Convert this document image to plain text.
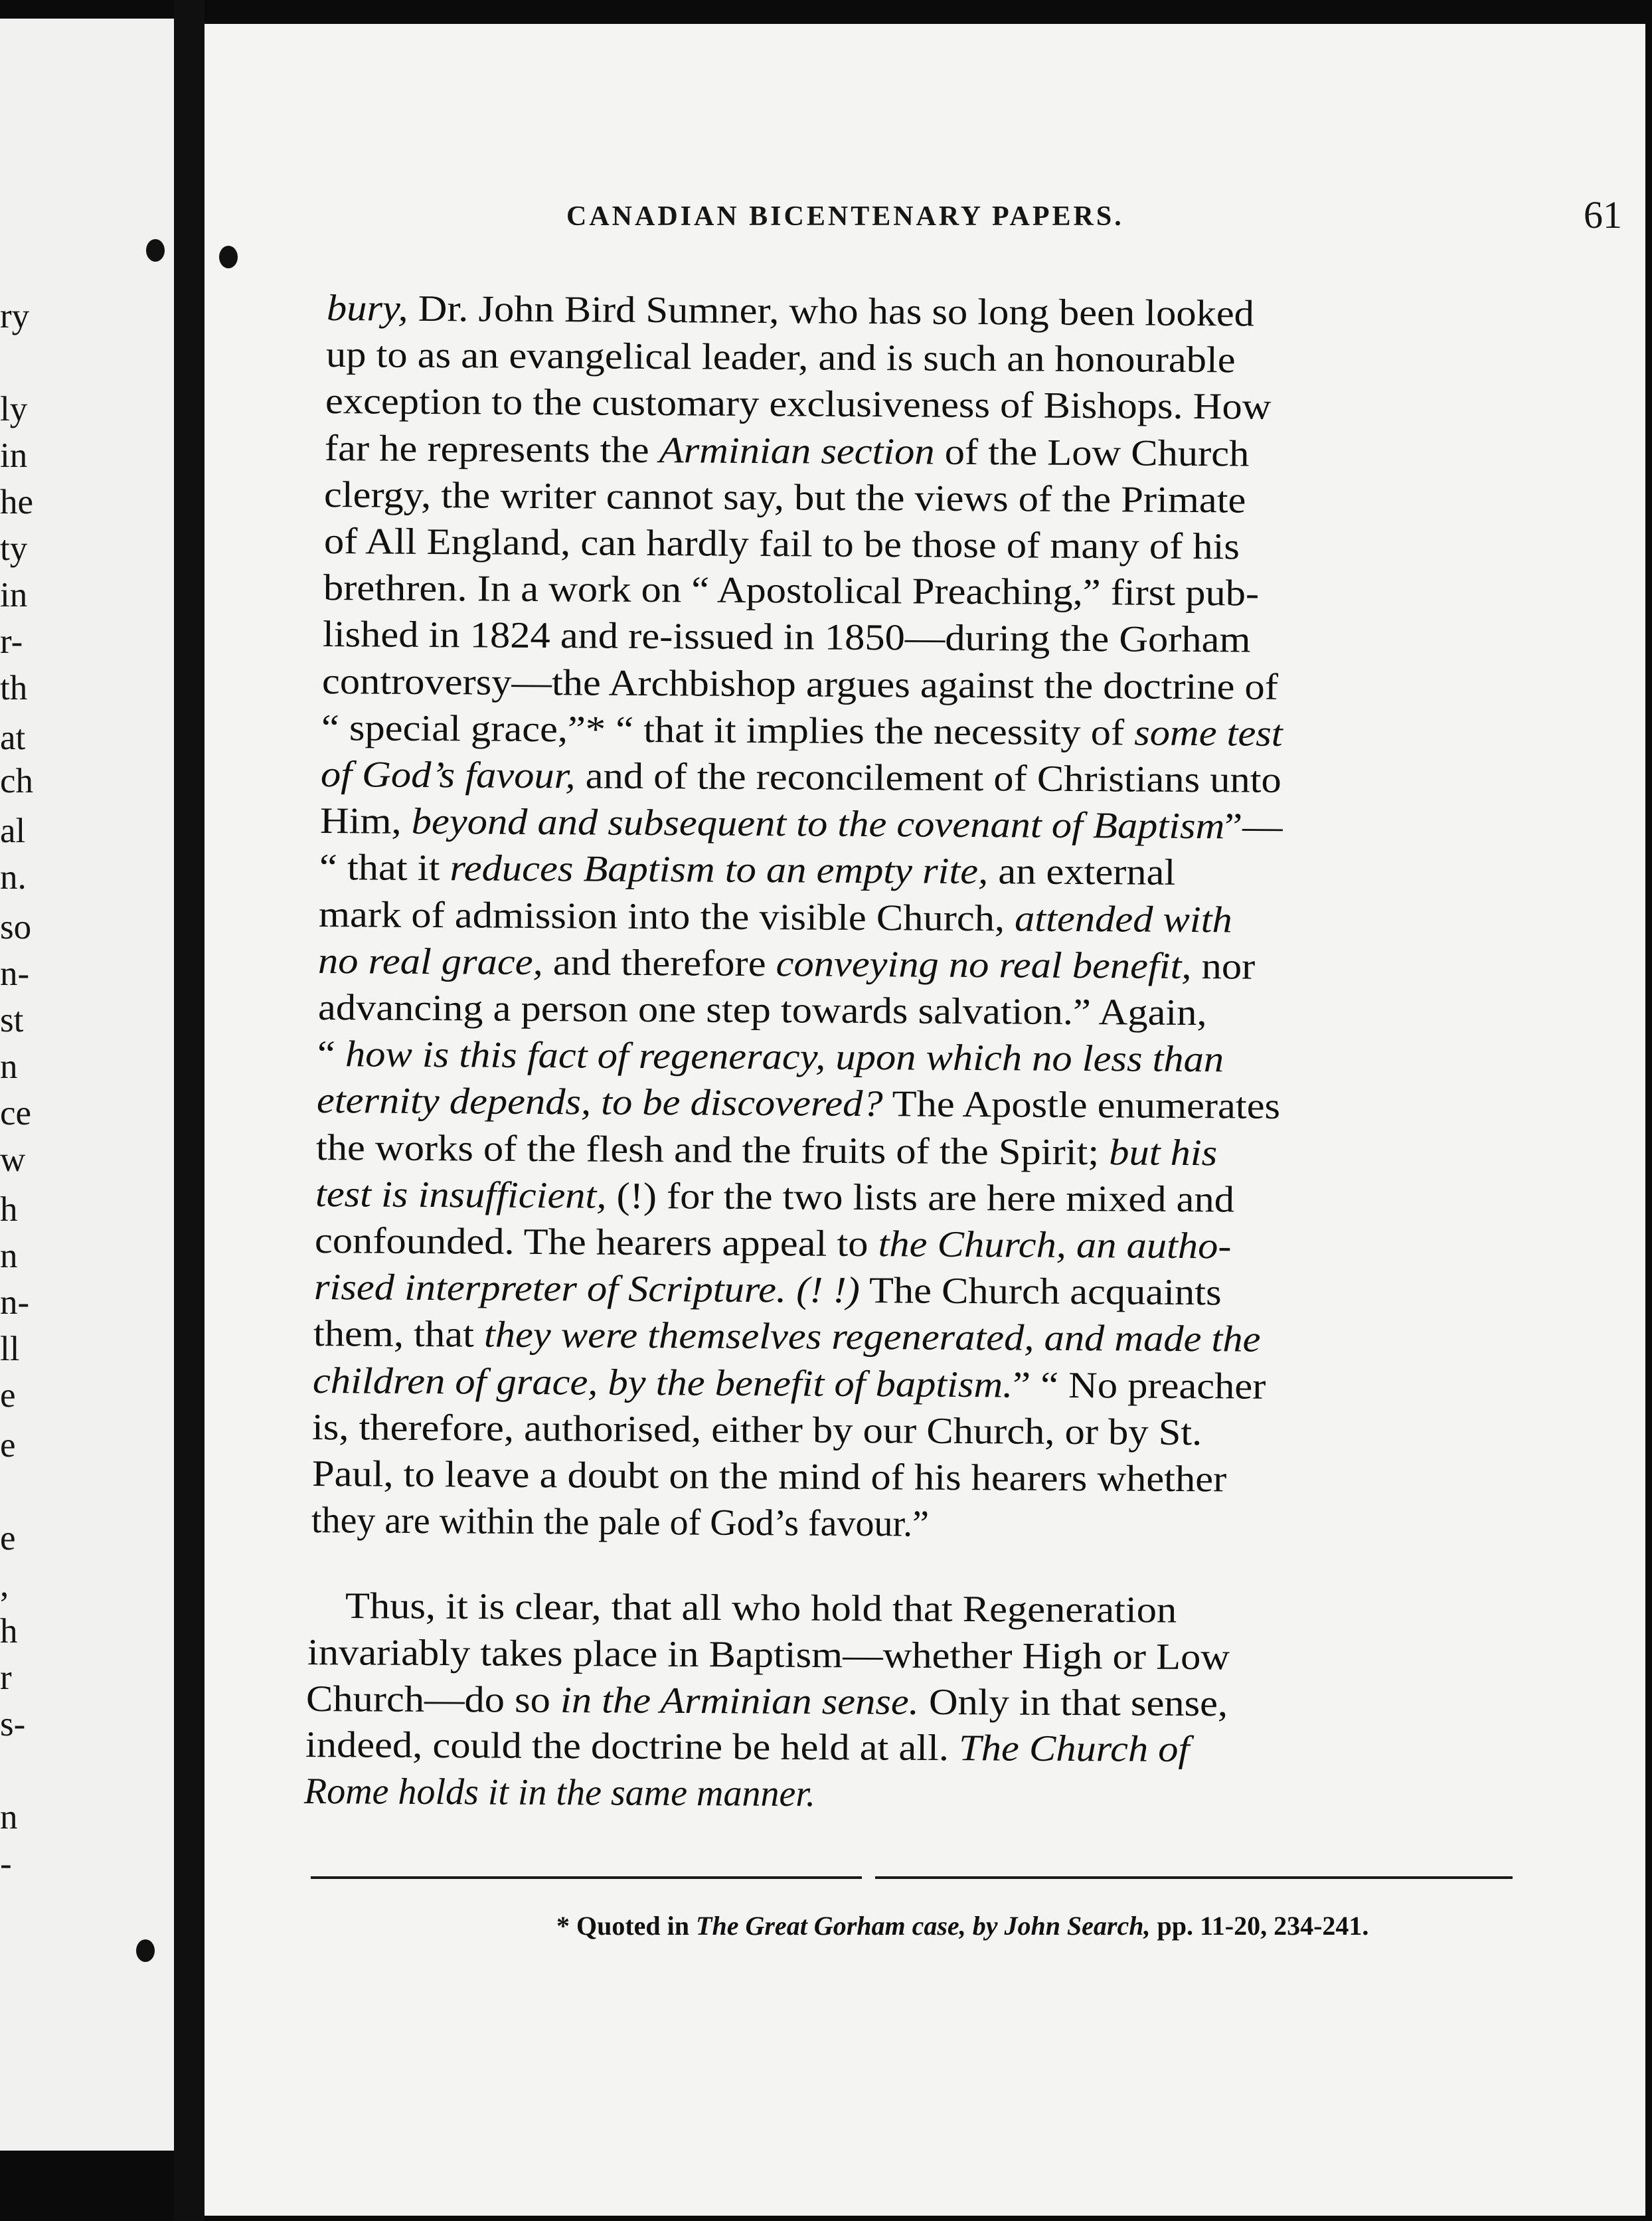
ry
ly
in
he
ty
in
r-
th
at
ch
al
n.
so
n-
st
n
ce
w
h
n
n-
ll
e
e
e
,
h
r
s-
n
-
CANADIAN BICENTENARY PAPERS.	61
bury, Dr. John Bird Sumner, who has so long been looked
up to as an evangelical leader, and is such an honourable
exception to the customary exclusiveness of Bishops. How
far he represents the Arminian section of the Low Church
clergy, the writer cannot say, but the views of the Primate
of All England, can hardly fail to be those of many of his
brethren. In a work on “ Apostolical Preaching,” first pub-
lished in 1824 and re-issued in 1850—during the Gorham
controversy—the Archbishop argues against the doctrine of
“ special grace,”* “ that it implies the necessity of some test
of God’s favour, and of the reconcilement of Christians unto
Him, beyond and subsequent to the covenant of Baptism”—
“ that it reduces Baptism to an empty rite, an external
mark of admission into the visible Church, attended with
no real grace, and therefore conveying no real benefit, nor
advancing a person one step towards salvation.” Again,
“ how is this fact of regeneracy, upon which no less than
eternity depends, to be discovered? The Apostle enumerates
the works of the flesh and the fruits of the Spirit; but his
test is insufficient, (!) for the two lists are here mixed and
confounded. The hearers appeal to the Church, an autho-
rised interpreter of Scripture. (! !) The Church acquaints
them, that they were themselves regenerated, and made the
children of grace, by the benefit of baptism.” “ No preacher
is, therefore, authorised, either by our Church, or by St.
Paul, to leave a doubt on the mind of his hearers whether
they are within the pale of God’s favour.”
Thus, it is clear, that all who hold that Regeneration
invariably takes place in Baptism—whether High or Low
Church—do so in the Arminian sense. Only in that sense,
indeed, could the doctrine be held at all. The Church of
Rome holds it in the same manner.
* Quoted in The Great Gorham case, by John Search, pp. 11-20, 234-241.
